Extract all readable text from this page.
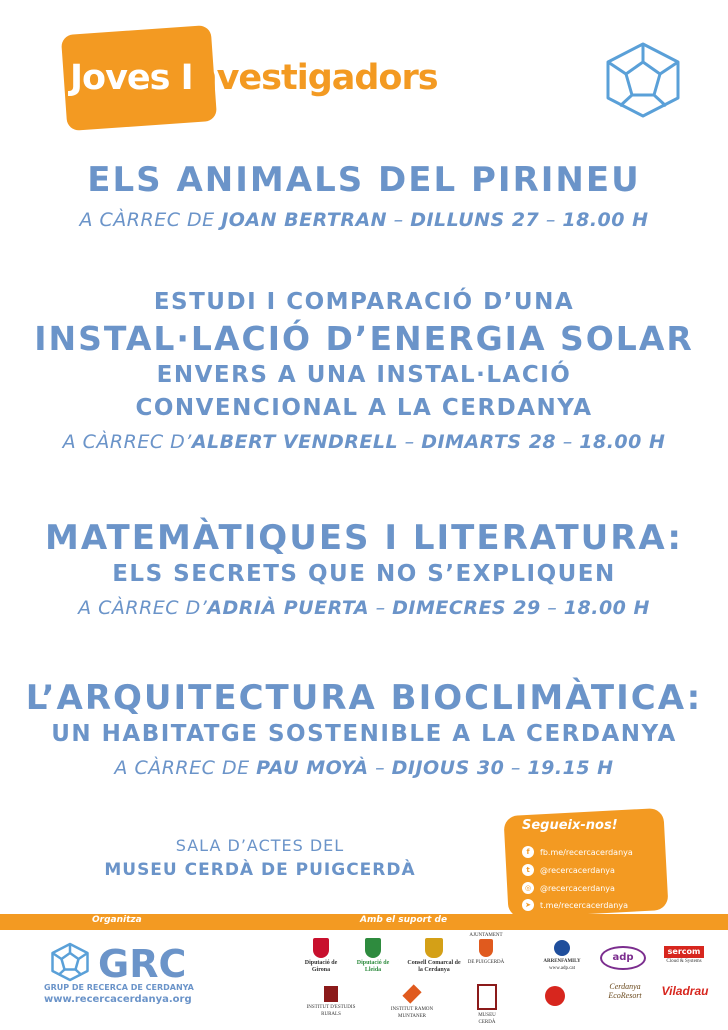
Joves Investigadors
ELS ANIMALS DEL PIRINEU
A CÀRREC DE JOAN BERTRAN – DILLUNS 27 – 18.00 H
ESTUDI I COMPARACIÓ D’UNA
INSTAL·LACIÓ D’ENERGIA SOLAR
ENVERS A UNA INSTAL·LACIÓ
CONVENCIONAL A LA CERDANYA
A CÀRREC D’ALBERT VENDRELL – DIMARTS 28 – 18.00 H
MATEMÀTIQUES I LITERATURA:
ELS SECRETS QUE NO S’EXPLIQUEN
A CÀRREC D’ADRIÀ PUERTA – DIMECRES 29 – 18.00 H
L’ARQUITECTURA BIOCLIMÀTICA:
UN HABITATGE SOSTENIBLE A LA CERDANYA
A CÀRREC DE PAU MOYÀ – DIJOUS 30 – 19.15 H
SALA D’ACTES DEL
MUSEU CERDÀ DE PUIGCERDÀ
Segueix-nos!
f	fb.me/recercacerdanya
t	@recercacerdanya
◎	@recercacerdanya
➤	t.me/recercacerdanya
Organitza	Amb el suport de
GRC
GRUP DE RECERCA DE CERDANYA
www.recercacerdanya.org
Diputació de Girona
Diputació de Lleida
Consell Comarcal de la Cerdanya
AJUNTAMENT
DE PUIGCERDÀ	ARRENFAMILY
www.adp.cat
adp
sercom
Cloud & Systems
INSTITUT D'ESTUDIS RURALS
INSTITUT RAMON MUNTANER	MUSEU CERDÀ
Cerdanya EcoResort	Viladrau
